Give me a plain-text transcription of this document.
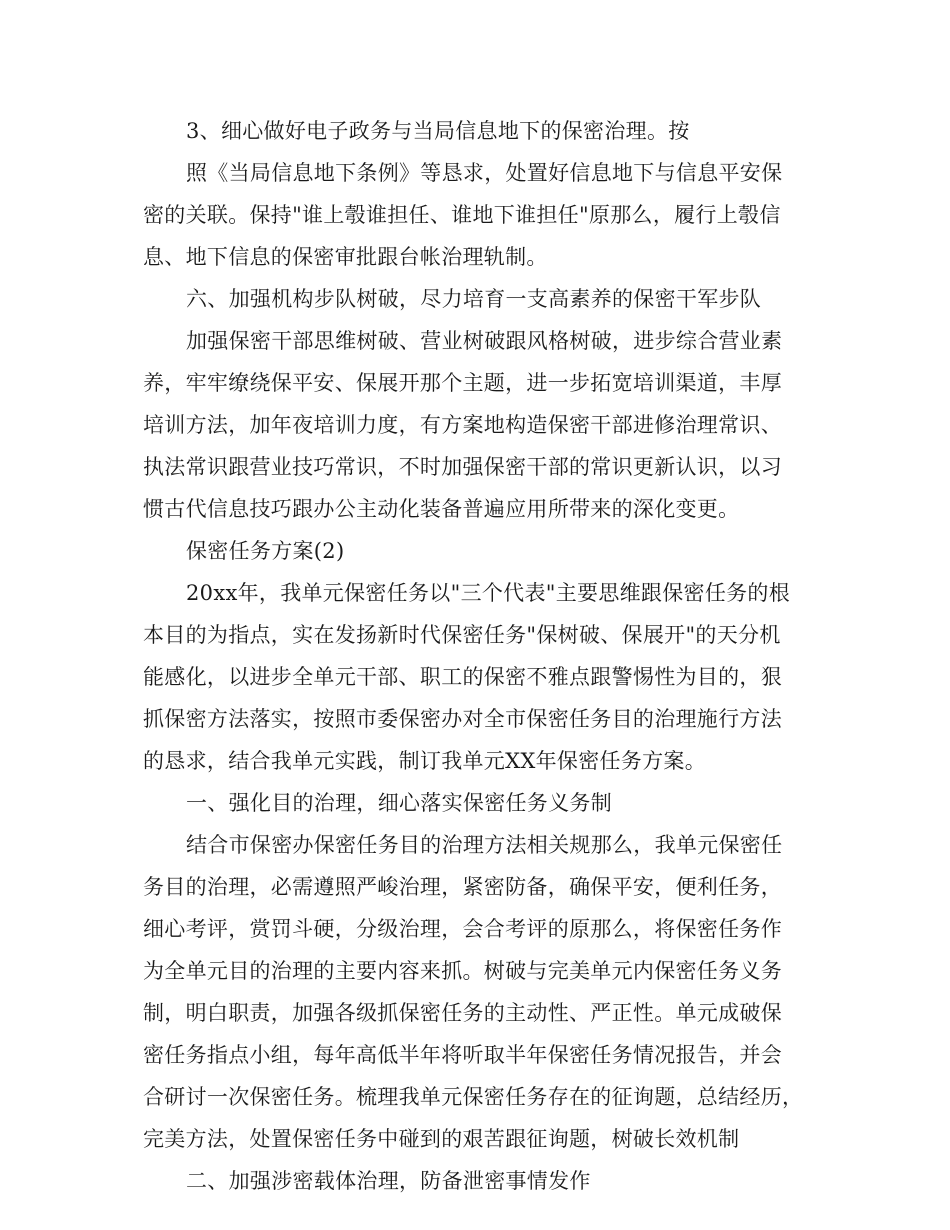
3、细心做好电子政务与当局信息地下的保密治理。按
照《当局信息地下条例》等恳求，处置好信息地下与信息平安保
密的关联。保持"谁上彀谁担任、谁地下谁担任"原那么，履行上彀信
息、地下信息的保密审批跟台帐治理轨制。
六、加强机构步队树破，尽力培育一支高素养的保密干军步队
加强保密干部思维树破、营业树破跟风格树破，进步综合营业素
养，牢牢缭绕保平安、保展开那个主题，进一步拓宽培训渠道，丰厚
培训方法，加年夜培训力度，有方案地构造保密干部进修治理常识、
执法常识跟营业技巧常识，不时加强保密干部的常识更新认识，以习
惯古代信息技巧跟办公主动化装备普遍应用所带来的深化变更。
保密任务方案(2)
20xx年，我单元保密任务以"三个代表"主要思维跟保密任务的根
本目的为指点，实在发扬新时代保密任务"保树破、保展开"的天分机
能感化，以进步全单元干部、职工的保密不雅点跟警惕性为目的，狠
抓保密方法落实，按照市委保密办对全市保密任务目的治理施行方法
的恳求，结合我单元实践，制订我单元XX年保密任务方案。
一、强化目的治理，细心落实保密任务义务制
结合市保密办保密任务目的治理方法相关规那么，我单元保密任
务目的治理，必需遵照严峻治理，紧密防备，确保平安，便利任务，
细心考评，赏罚斗硬，分级治理，会合考评的原那么，将保密任务作
为全单元目的治理的主要内容来抓。树破与完美单元内保密任务义务
制，明白职责，加强各级抓保密任务的主动性、严正性。单元成破保
密任务指点小组，每年高低半年将听取半年保密任务情况报告，并会
合研讨一次保密任务。梳理我单元保密任务存在的征询题，总结经历，
完美方法，处置保密任务中碰到的艰苦跟征询题，树破长效机制
二、加强涉密载体治理，防备泄密事情发作
